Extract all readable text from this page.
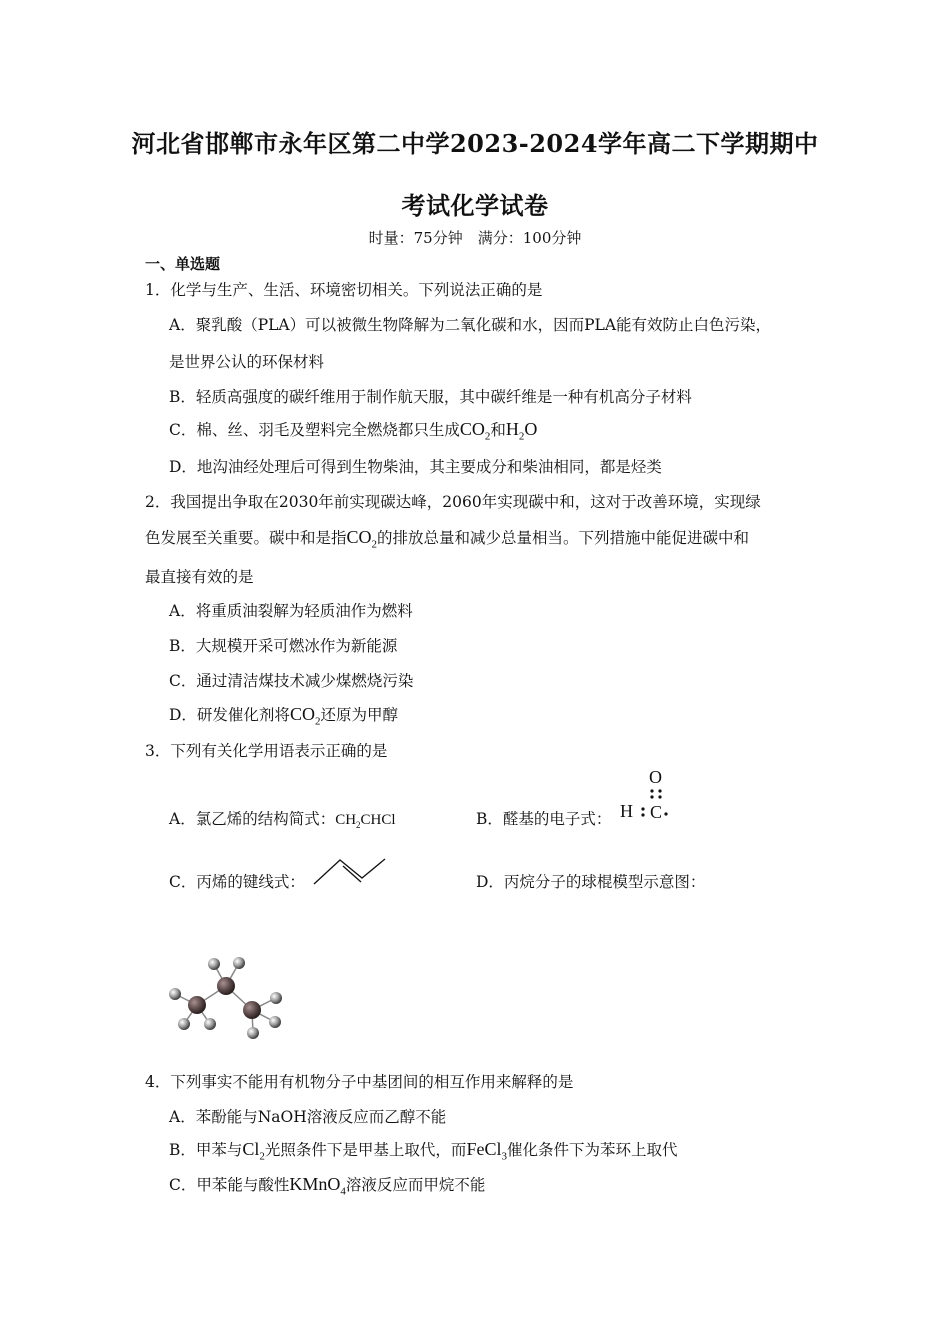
河北省邯郸市永年区第二中学2023-2024学年高二下学期期中
考试化学试卷
时量：75分钟　满分：100分钟
一、单选题
1．化学与生产、生活、环境密切相关。下列说法正确的是
A．聚乳酸（PLA）可以被微生物降解为二氧化碳和水，因而PLA能有效防止白色污染，
是世界公认的环保材料
B．轻质高强度的碳纤维用于制作航天服，其中碳纤维是一种有机高分子材料
C．棉、丝、羽毛及塑料完全燃烧都只生成$CO_2$和$H_2O$
D．地沟油经处理后可得到生物柴油，其主要成分和柴油相同，都是烃类
2．我国提出争取在2030年前实现碳达峰，2060年实现碳中和，这对于改善环境，实现绿
色发展至关重要。碳中和是指$CO_2$的排放总量和减少总量相当。下列措施中能促进碳中和
最直接有效的是
A．将重质油裂解为轻质油作为燃料
B．大规模开采可燃冰作为新能源
C．通过清洁煤技术减少煤燃烧污染
D．研发催化剂将$CO_2$还原为甲醇
3．下列有关化学用语表示正确的是
A．氯乙烯的结构简式：$CH_2CHCl$	B．醛基的电子式：
O
H C
C．丙烯的键线式：	D．丙烷分子的球棍模型示意图：
4．下列事实不能用有机物分子中基团间的相互作用来解释的是
A．苯酚能与NaOH溶液反应而乙醇不能
B．甲苯与$Cl_2$光照条件下是甲基上取代，而FeCl$_3$催化条件下为苯环上取代
C．甲苯能与酸性KMnO$_4$溶液反应而甲烷不能
